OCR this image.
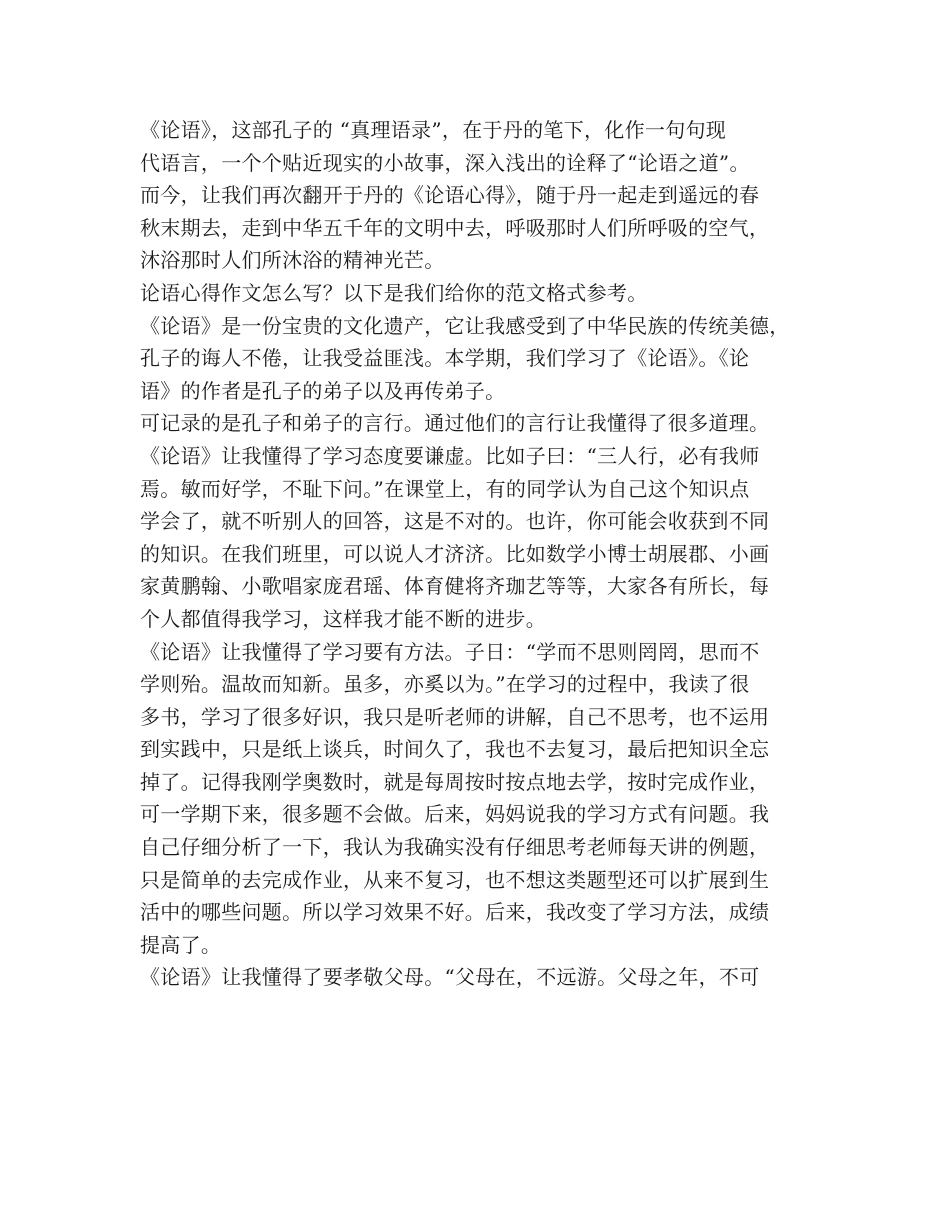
《论语》，这部孔子的 “真理语录”，在于丹的笔下，化作一句句现
代语言，一个个贴近现实的小故事，深入浅出的诠释了“论语之道”。
而今，让我们再次翻开于丹的《论语心得》，随于丹一起走到遥远的春
秋末期去，走到中华五千年的文明中去，呼吸那时人们所呼吸的空气，
沐浴那时人们所沐浴的精神光芒。

论语心得作文怎么写？以下是我们给你的范文格式参考。

《论语》是一份宝贵的文化遗产，它让我感受到了中华民族的传统美德，
孔子的诲人不倦，让我受益匪浅。本学期，我们学习了《论语》。《论
语》的作者是孔子的弟子以及再传弟子。

可记录的是孔子和弟子的言行。通过他们的言行让我懂得了很多道理。

《论语》让我懂得了学习态度要谦虚。比如子曰：“三人行，必有我师
焉。敏而好学，不耻下问。”在课堂上，有的同学认为自己这个知识点
学会了，就不听别人的回答，这是不对的。也许，你可能会收获到不同
的知识。在我们班里，可以说人才济济。比如数学小博士胡展郡、小画
家黄鹏翰、小歌唱家庞君瑶、体育健将齐珈艺等等，大家各有所长，每
个人都值得我学习，这样我才能不断的进步。

《论语》让我懂得了学习要有方法。子日：“学而不思则罔罔，思而不
学则殆。温故而知新。虽多，亦奚以为。”在学习的过程中，我读了很
多书，学习了很多好识，我只是听老师的讲解，自己不思考，也不运用
到实践中，只是纸上谈兵，时间久了，我也不去复习，最后把知识全忘
掉了。记得我刚学奥数时，就是每周按时按点地去学，按时完成作业，
可一学期下来，很多题不会做。后来，妈妈说我的学习方式有问题。我
自己仔细分析了一下，我认为我确实没有仔细思考老师每天讲的例题，
只是简单的去完成作业，从来不复习，也不想这类题型还可以扩展到生
活中的哪些问题。所以学习效果不好。后来，我改变了学习方法，成绩
提高了。

《论语》让我懂得了要孝敬父母。“父母在，不远游。父母之年，不可
